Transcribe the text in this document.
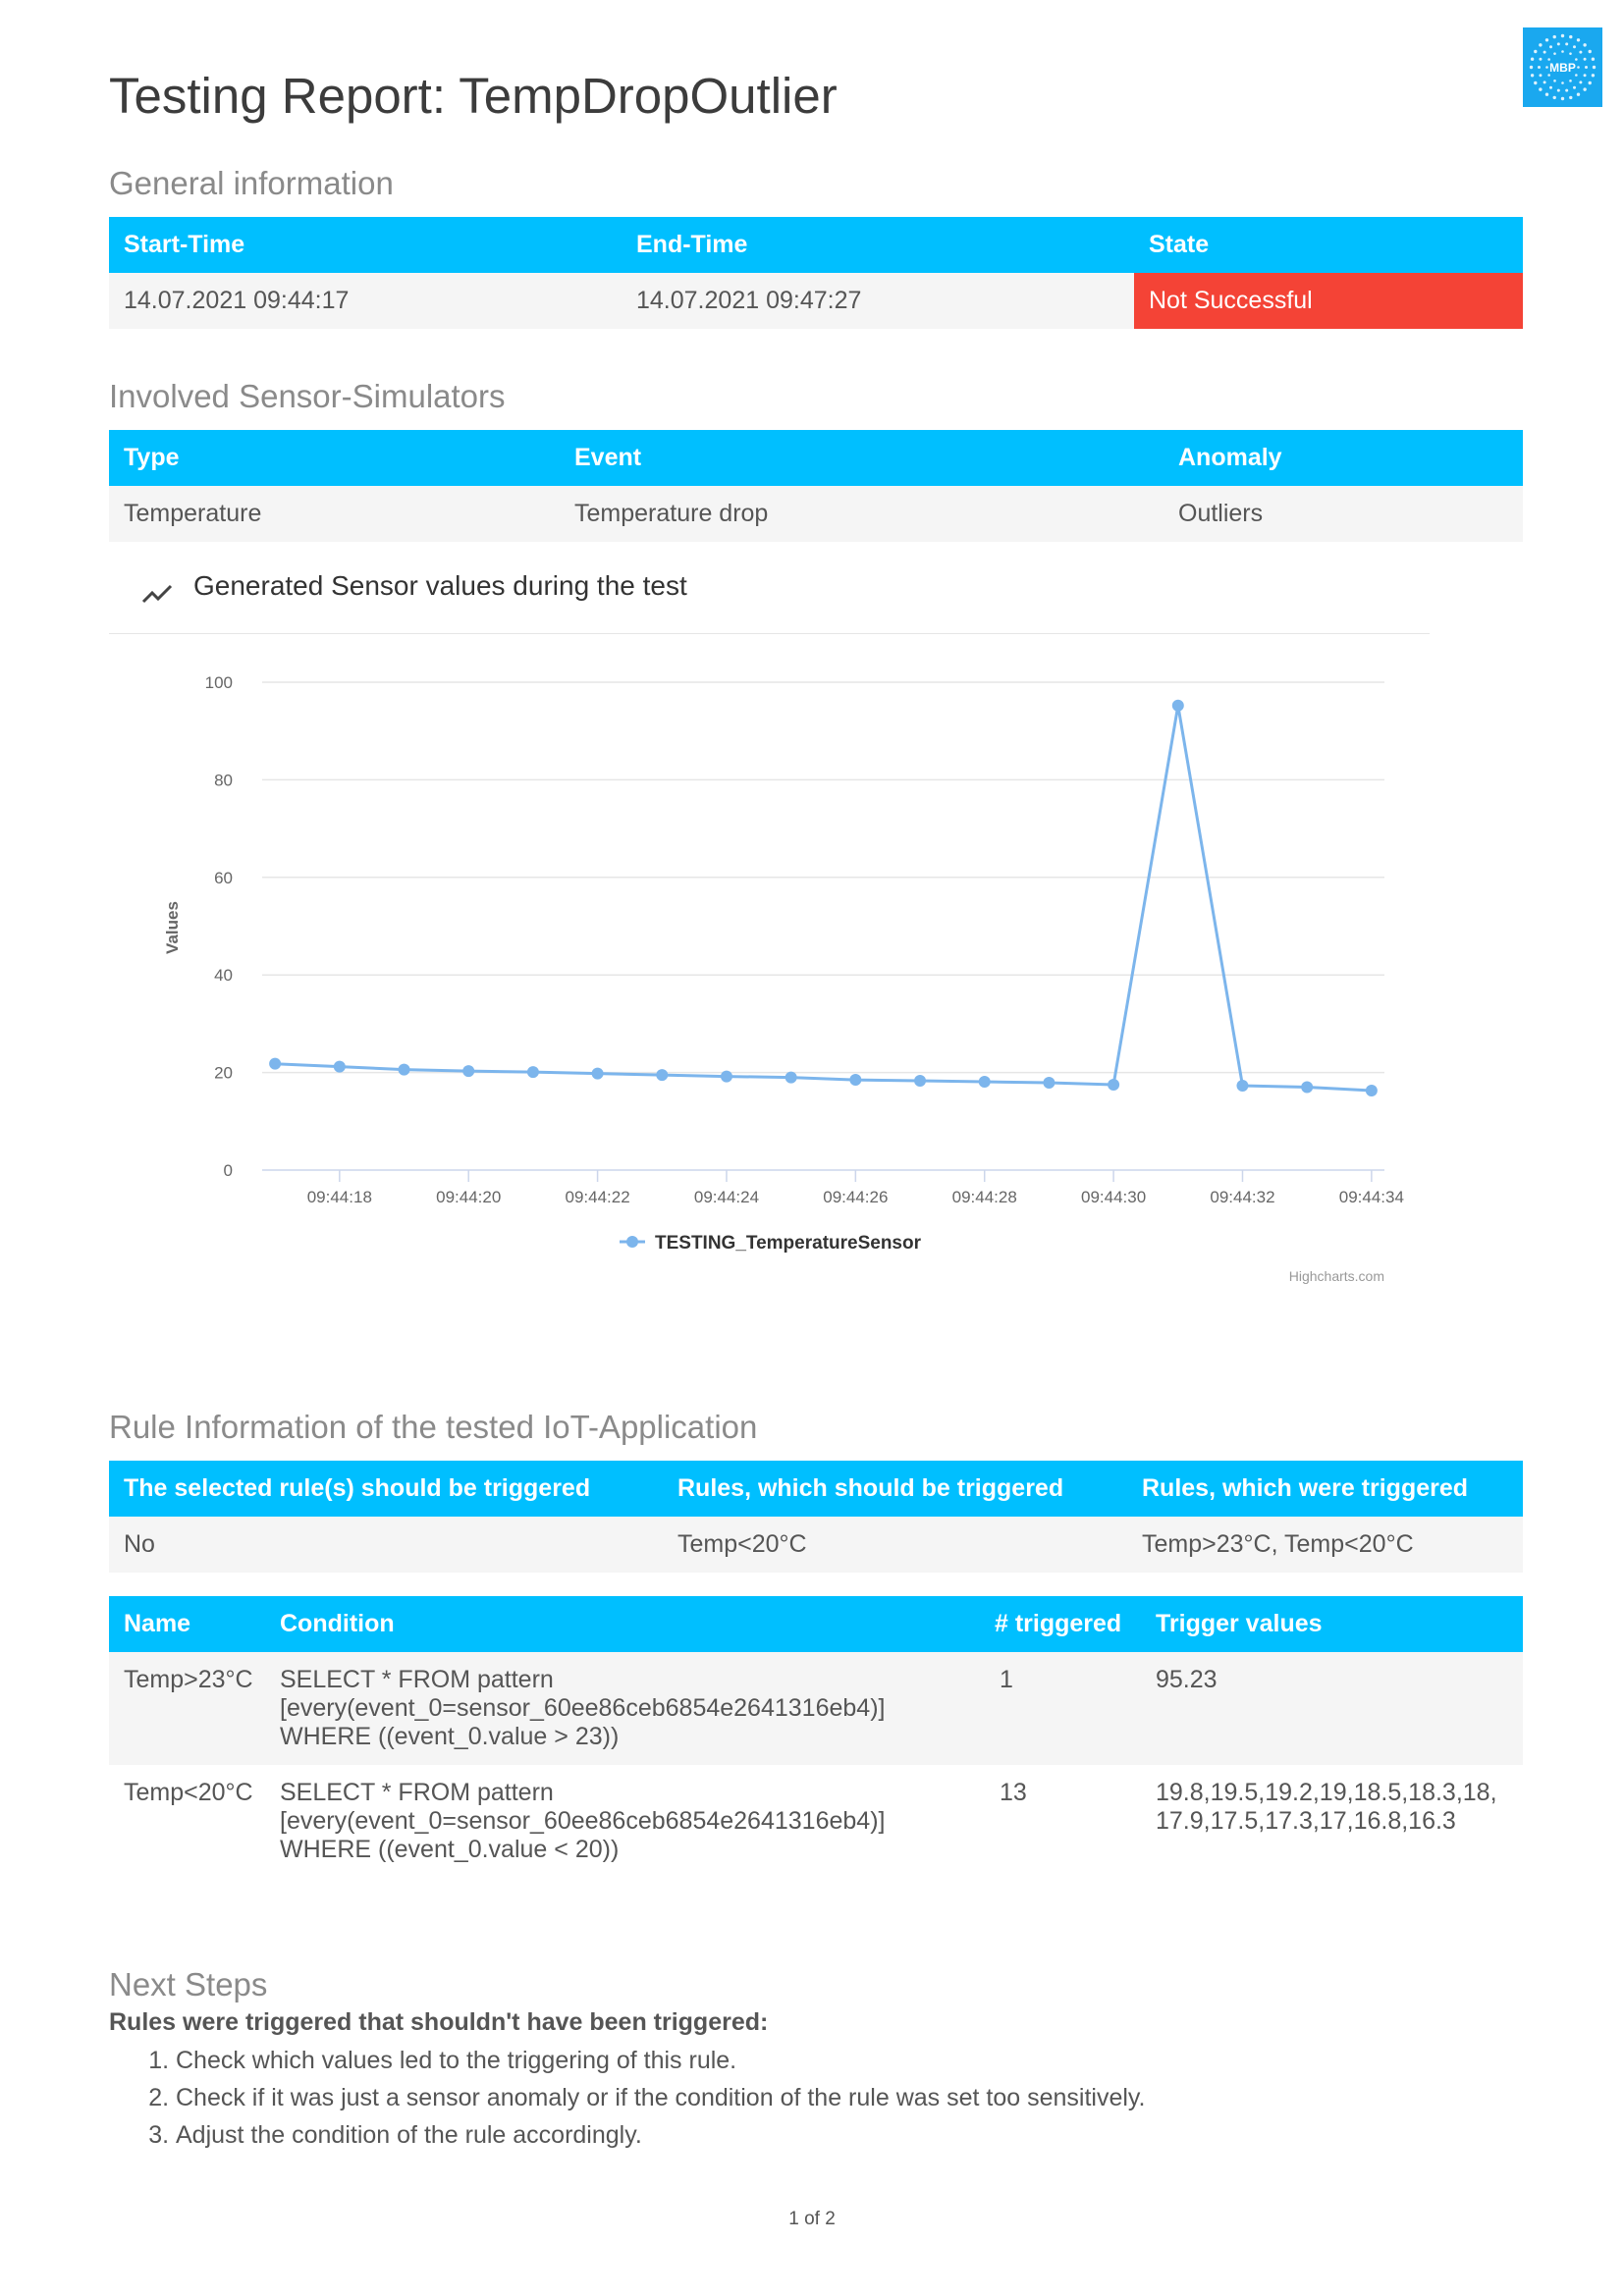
Testing Report: TempDropOutlier	MBP
General information
Start-Time	End-Time	State
14.07.2021 09:44:17	14.07.2021 09:47:27	Not Successful
Involved Sensor-Simulators
Type	Event	Anomaly
Temperature	Temperature drop	Outliers
Generated Sensor values during the test
0
20
40
60
80
100
09:44:18	09:44:20	09:44:22	09:44:24	09:44:26	09:44:28	09:44:30	09:44:32	09:44:34
Values
TESTING_TemperatureSensor
Highcharts.com
Rule Information of the tested IoT-Application
The selected rule(s) should be triggered	Rules, which should be triggered	Rules, which were triggered
No	Temp<20°C	Temp>23°C, Temp<20°C
Name	Condition	# triggered	Trigger values
Temp>23°C	SELECT * FROM pattern
[every(event_0=sensor_60ee86ceb6854e2641316eb4)]
WHERE ((event_0.value > 23))	1	95.23
Temp<20°C	SELECT * FROM pattern
[every(event_0=sensor_60ee86ceb6854e2641316eb4)]
WHERE ((event_0.value < 20))	13	19.8,19.5,19.2,19,18.5,18.3,18,17.9,17.5,17.3,17,16.8,16.3
Next Steps

Rules were triggered that shouldn't have been triggered:

1. Check which values led to the triggering of this rule.
2. Check if it was just a sensor anomaly or if the condition of the rule was set too sensitively.
3. Adjust the condition of the rule accordingly.
1 of 2
